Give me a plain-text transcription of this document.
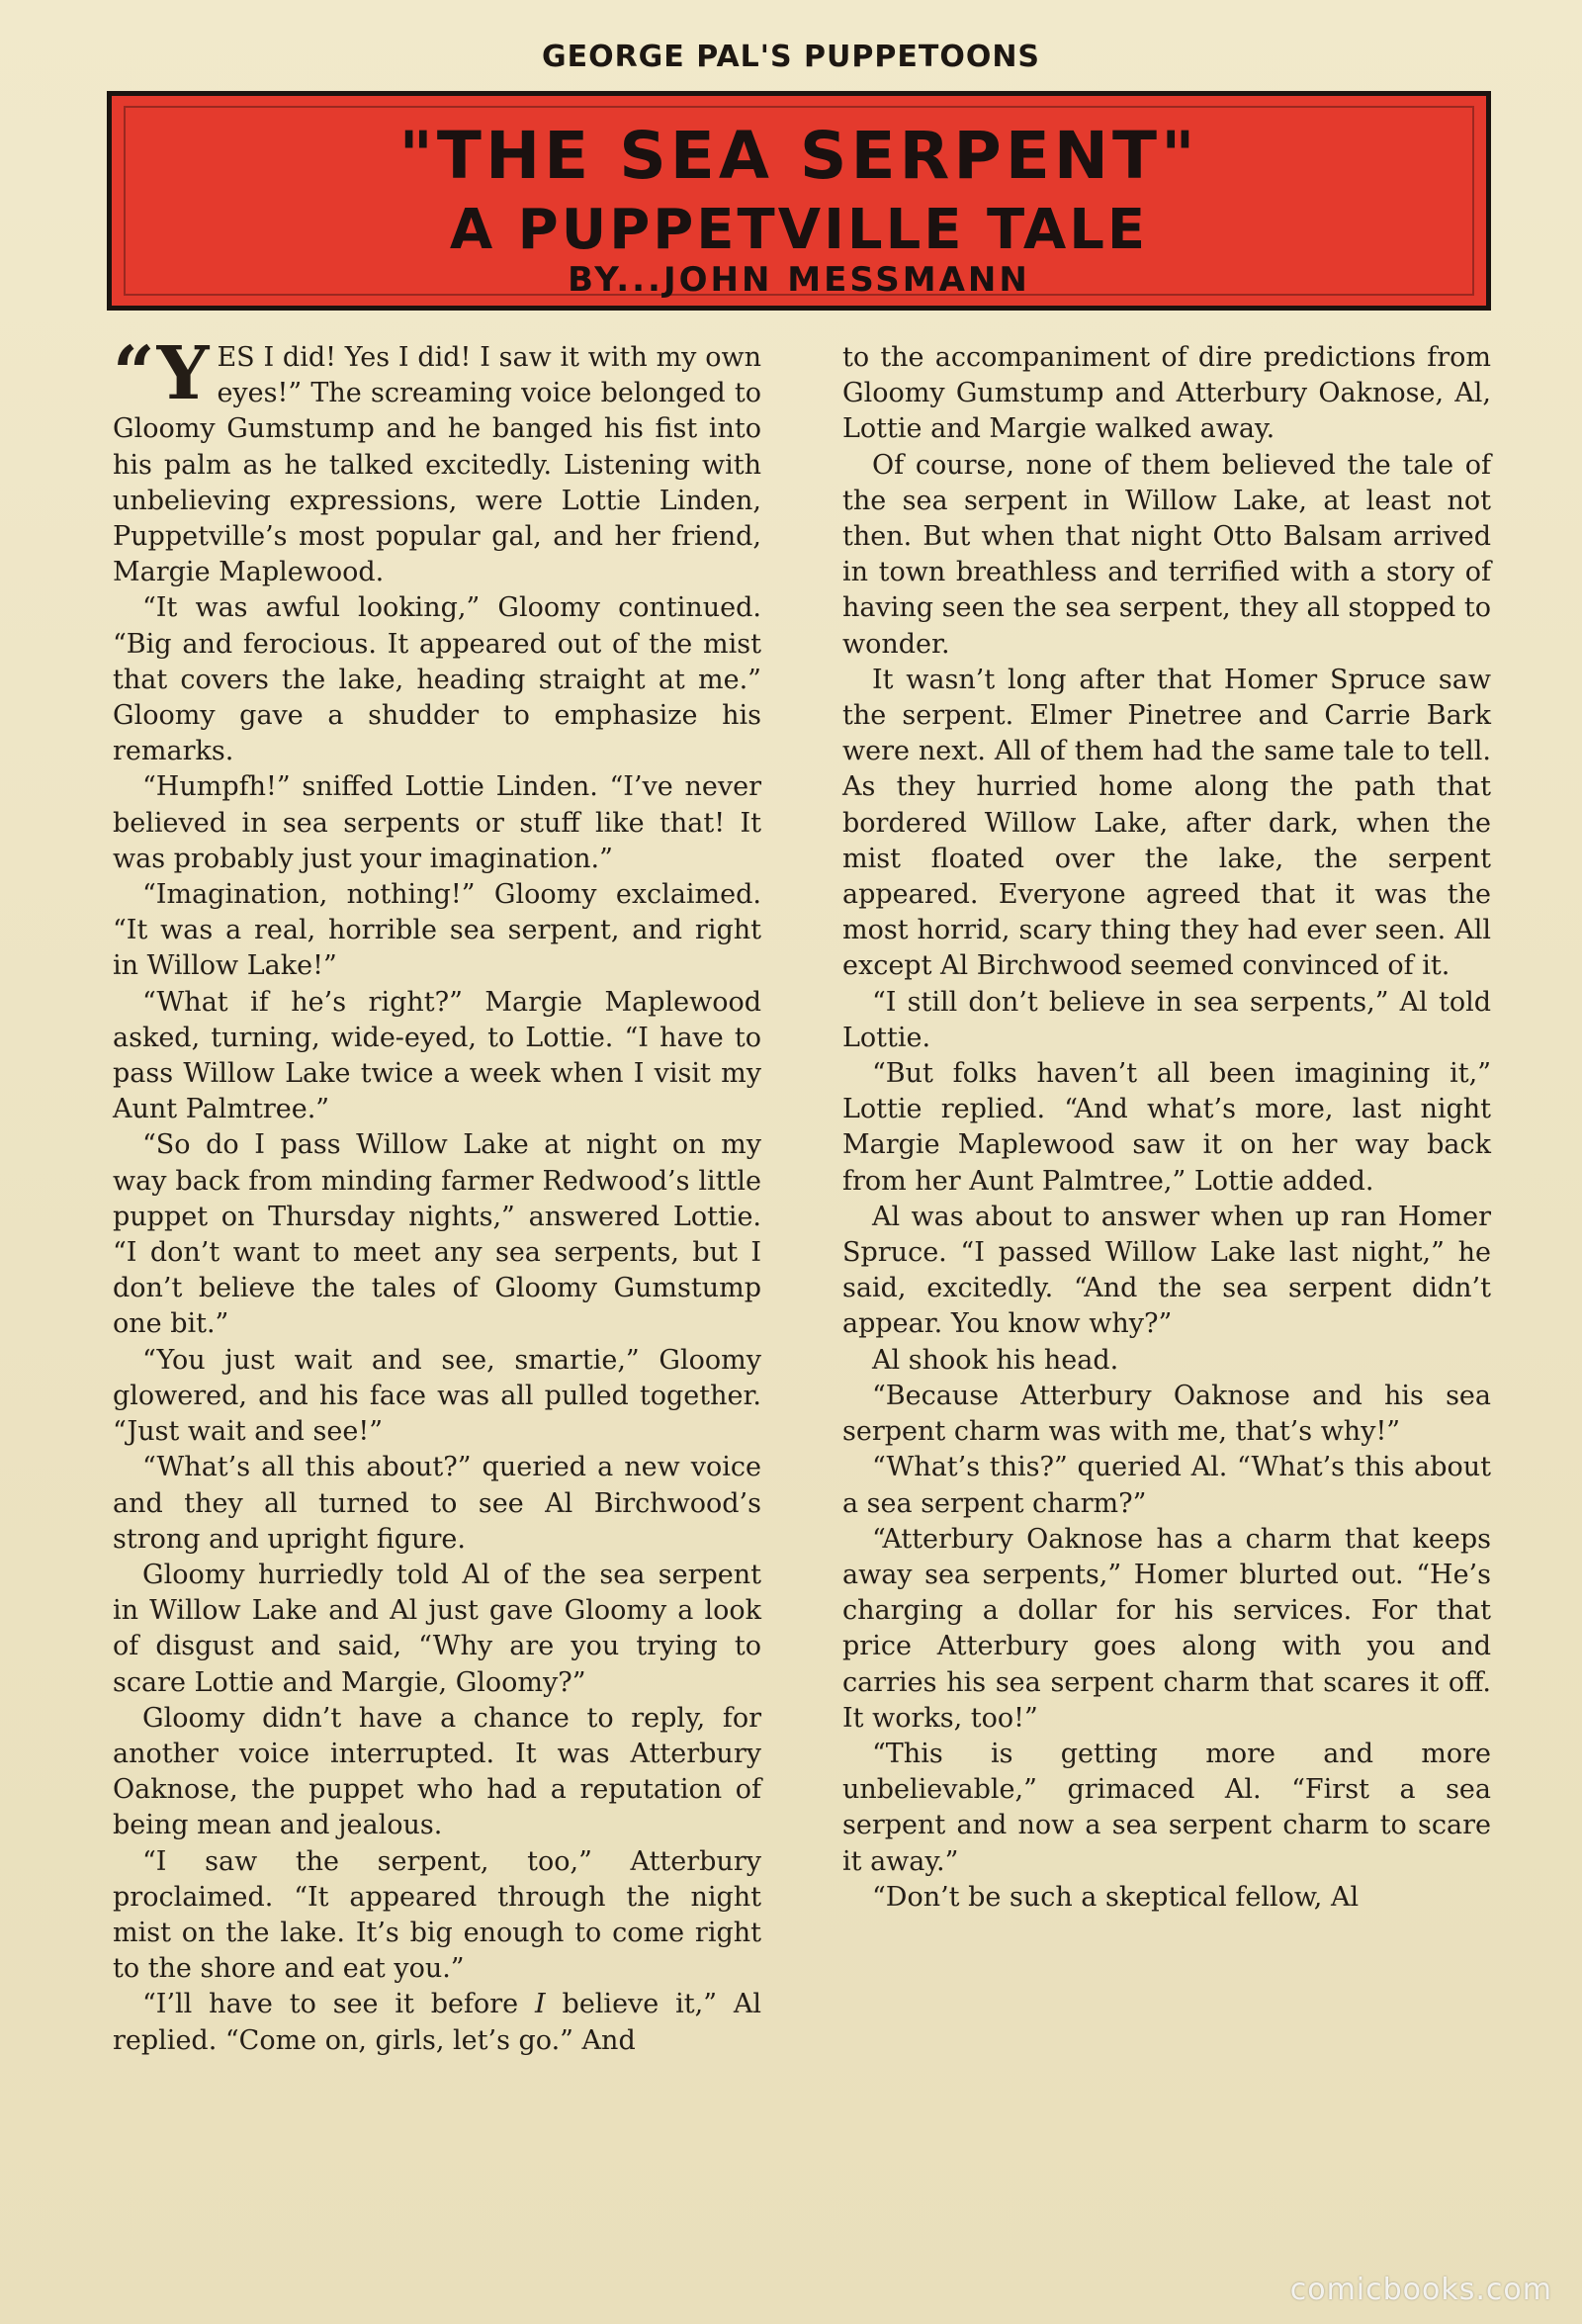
GEORGE PAL'S PUPPETOONS
"THE SEA SERPENT"
A PUPPETVILLE TALE
BY...JOHN MESSMANN

“YES I did! Yes I did! I saw it with my own eyes!” The screaming voice belonged to Gloomy Gumstump and he banged his fist into his palm as he talked excitedly. Listening with unbelieving expressions, were Lottie Linden, Puppetville’s most popular gal, and her friend, Margie Maplewood.

“It was awful looking,” Gloomy continued. “Big and ferocious. It appeared out of the mist that covers the lake, heading straight at me.” Gloomy gave a shudder to emphasize his remarks.

“Humpfh!” sniffed Lottie Linden. “I’ve never believed in sea serpents or stuff like that! It was probably just your imagination.”

“Imagination, nothing!” Gloomy exclaimed. “It was a real, horrible sea serpent, and right in Willow Lake!”

“What if he’s right?” Margie Maplewood asked, turning, wide-eyed, to Lottie. “I have to pass Willow Lake twice a week when I visit my Aunt Palmtree.”

“So do I pass Willow Lake at night on my way back from minding farmer Redwood’s little puppet on Thursday nights,” answered Lottie. “I don’t want to meet any sea serpents, but I don’t believe the tales of Gloomy Gumstump one bit.”

“You just wait and see, smartie,” Gloomy glowered, and his face was all pulled together. “Just wait and see!”

“What’s all this about?” queried a new voice and they all turned to see Al Birchwood’s strong and upright figure.

Gloomy hurriedly told Al of the sea serpent in Willow Lake and Al just gave Gloomy a look of disgust and said, “Why are you trying to scare Lottie and Margie, Gloomy?”

Gloomy didn’t have a chance to reply, for another voice interrupted. It was Atterbury Oaknose, the puppet who had a reputation of being mean and jealous.

“I saw the serpent, too,” Atterbury proclaimed. “It appeared through the night mist on the lake. It’s big enough to come right to the shore and eat you.”

“I’ll have to see it before I believe it,” Al replied. “Come on, girls, let’s go.” And

to the accompaniment of dire predictions from Gloomy Gumstump and Atterbury Oaknose, Al, Lottie and Margie walked away.

Of course, none of them believed the tale of the sea serpent in Willow Lake, at least not then. But when that night Otto Balsam arrived in town breathless and terrified with a story of having seen the sea serpent, they all stopped to wonder.

It wasn’t long after that Homer Spruce saw the serpent. Elmer Pinetree and Carrie Bark were next. All of them had the same tale to tell. As they hurried home along the path that bordered Willow Lake, after dark, when the mist floated over the lake, the serpent appeared. Everyone agreed that it was the most horrid, scary thing they had ever seen. All except Al Birchwood seemed convinced of it.

“I still don’t believe in sea serpents,” Al told Lottie.

“But folks haven’t all been imagining it,” Lottie replied. “And what’s more, last night Margie Maplewood saw it on her way back from her Aunt Palmtree,” Lottie added.

Al was about to answer when up ran Homer Spruce. “I passed Willow Lake last night,” he said, excitedly. “And the sea serpent didn’t appear. You know why?”

Al shook his head.

“Because Atterbury Oaknose and his sea serpent charm was with me, that’s why!”

“What’s this?” queried Al. “What’s this about a sea serpent charm?”

“Atterbury Oaknose has a charm that keeps away sea serpents,” Homer blurted out. “He’s charging a dollar for his services. For that price Atterbury goes along with you and carries his sea serpent charm that scares it off. It works, too!”

“This is getting more and more unbelievable,” grimaced Al. “First a sea serpent and now a sea serpent charm to scare it away.”

“Don’t be such a skeptical fellow, Al

comicbooks.com
